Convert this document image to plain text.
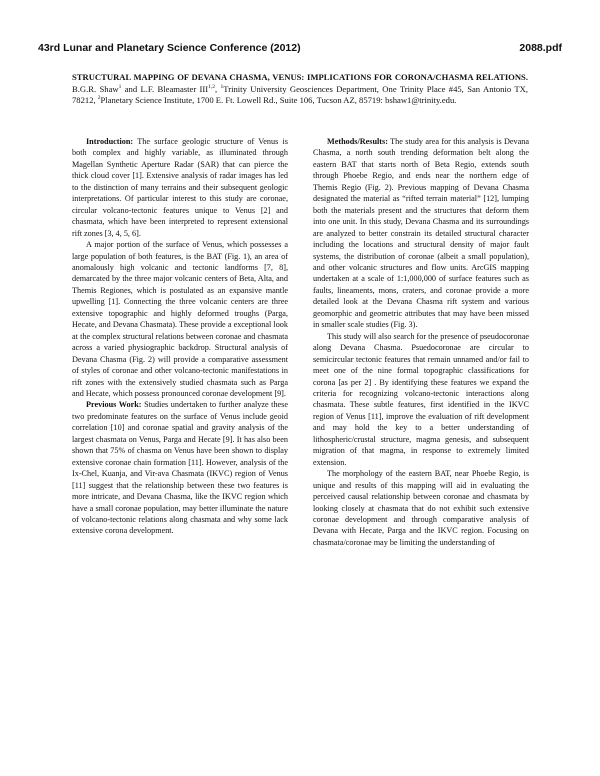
43rd Lunar and Planetary Science Conference (2012)	2088.pdf
STRUCTURAL MAPPING OF DEVANA CHASMA, VENUS: IMPLICATIONS FOR CORONA/CHASMA RELATIONS. B.G.R. Shaw$^1$ and L.F. Bleamaster III$^{1,2}$, $^1$Trinity University Geosciences Department, One Trinity Place #45, San Antonio TX, 78212, $^2$Planetary Science Institute, 1700 E. Ft. Lowell Rd., Suite 106, Tucson AZ, 85719: bshaw1@trinity.edu.

Introduction: The surface geologic structure of Venus is both complex and highly variable, as illuminated through Magellan Synthetic Aperture Radar (SAR) that can pierce the thick cloud cover [1]. Extensive analysis of radar images has led to the distinction of many terrains and their subsequent geologic interpretations. Of particular interest to this study are coronae, circular volcano-tectonic features unique to Venus [2] and chasmata, which have been interpreted to represent extensional rift zones [3, 4, 5, 6].

A major portion of the surface of Venus, which possesses a large population of both features, is the BAT (Fig. 1), an area of anomalously high volcanic and tectonic landforms [7, 8], demarcated by the three major volcanic centers of Beta, Alta, and Themis Regiones, which is postulated as an expansive mantle upwelling [1]. Connecting the three volcanic centers are three extensive topographic and highly deformed troughs (Parga, Hecate, and Devana Chasmata). These provide a exceptional look at the complex structural relations between coronae and chasmata across a varied physiographic backdrop. Structural analysis of Devana Chasma (Fig. 2) will provide a comparative assessment of styles of coronae and other volcano-tectonic manifestations in rift zones with the extensively studied chasmata such as Parga and Hecate, which possess pronounced coronae development [9].

Previous Work: Studies undertaken to further analyze these two predominate features on the surface of Venus include geoid correlation [10] and coronae spatial and gravity analysis of the largest chasmata on Venus, Parga and Hecate [9]. It has also been shown that 75% of chasma on Venus have been shown to display extensive coronae chain formation [11]. However, analysis of the Ix-Chel, Kuanja, and Vir-ava Chasmata (IKVC) region of Venus [11] suggest that the relationship between these two features is more intricate, and Devana Chasma, like the IKVC region which have a small coronae population, may better illuminate the nature of volcano-tectonic relations along chasmata and why some lack extensive corona development.

Methods/Results: The study area for this analysis is Devana Chasma, a north south trending deformation belt along the eastern BAT that starts north of Beta Regio, extends south through Phoebe Regio, and ends near the northern edge of Themis Regio (Fig. 2). Previous mapping of Devana Chasma designated the material as “rifted terrain material” [12], lumping both the materials present and the structures that deform them into one unit. In this study, Devana Chasma and its surroundings are analyzed to better constrain its detailed structural character including the locations and structural density of major fault systems, the distribution of coronae (albeit a small population), and other volcanic structures and flow units. ArcGIS mapping undertaken at a scale of 1:1,000,000 of surface features such as faults, lineaments, mons, craters, and coronae provide a more detailed look at the Devana Chasma rift system and various geomorphic and geometric attributes that may have been missed in smaller scale studies (Fig. 3).

This study will also search for the presence of pseudocoronae along Devana Chasma. Psuedocoronae are circular to semicircular tectonic features that remain unnamed and/or fail to meet one of the nine formal topographic classifications for corona [as per 2] . By identifying these features we expand the criteria for recognizing volcano-tectonic interactions along chasmata. These subtle features, first identified in the IKVC region of Venus [11], improve the evaluation of rift development and may hold the key to a better understanding of lithospheric/crustal structure, magma genesis, and subsequent migration of that magma, in response to extremely limited extension.

The morphology of the eastern BAT, near Phoebe Regio, is unique and results of this mapping will aid in evaluating the perceived causal relationship between coronae and chasmata by looking closely at chasmata that do not exhibit such extensive coronae development and through comparative analysis of Devana with Hecate, Parga and the IKVC region. Focusing on chasmata/coronae may be limiting the understanding of
